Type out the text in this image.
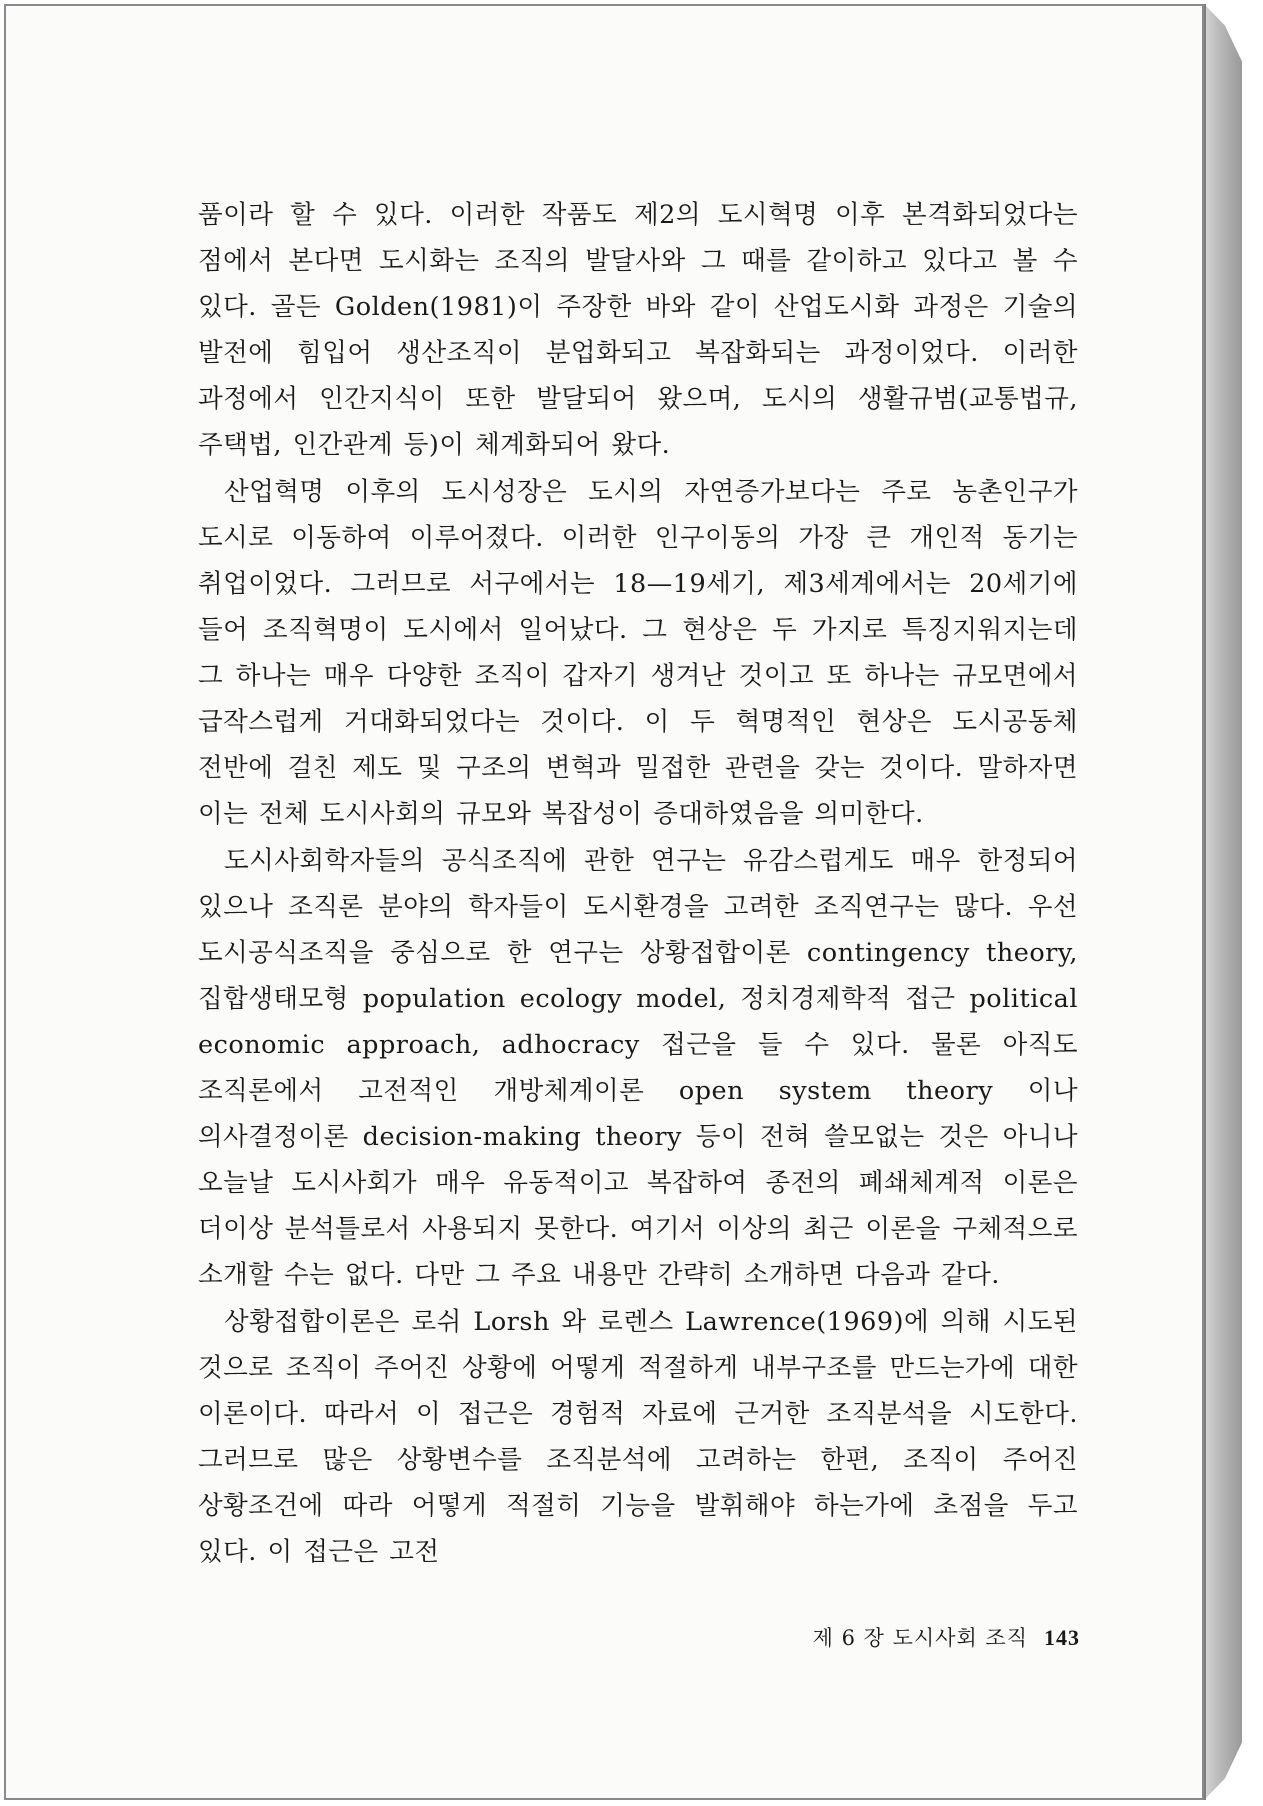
품이라 할 수 있다. 이러한 작품도 제2의 도시혁명 이후 본격화되었다는 점에서 본다면 도시화는 조직의 발달사와 그 때를 같이하고 있다고 볼 수 있다. 골든 Golden(1981)이 주장한 바와 같이 산업도시화 과정은 기술의 발전에 힘입어 생산조직이 분업화되고 복잡화되는 과정이었다. 이러한 과정에서 인간지식이 또한 발달되어 왔으며, 도시의 생활규범(교통법규, 주택법, 인간관계 등)이 체계화되어 왔다.

산업혁명 이후의 도시성장은 도시의 자연증가보다는 주로 농촌인구가 도시로 이동하여 이루어졌다. 이러한 인구이동의 가장 큰 개인적 동기는 취업이었다. 그러므로 서구에서는 18—19세기, 제3세계에서는 20세기에 들어 조직혁명이 도시에서 일어났다. 그 현상은 두 가지로 특징지워지는데 그 하나는 매우 다양한 조직이 갑자기 생겨난 것이고 또 하나는 규모면에서 급작스럽게 거대화되었다는 것이다. 이 두 혁명적인 현상은 도시공동체 전반에 걸친 제도 및 구조의 변혁과 밀접한 관련을 갖는 것이다. 말하자면 이는 전체 도시사회의 규모와 복잡성이 증대하였음을 의미한다.

도시사회학자들의 공식조직에 관한 연구는 유감스럽게도 매우 한정되어 있으나 조직론 분야의 학자들이 도시환경을 고려한 조직연구는 많다. 우선 도시공식조직을 중심으로 한 연구는 상황접합이론 contingency theory, 집합생태모형 population ecology model, 정치경제학적 접근 political economic approach, adhocracy 접근을 들 수 있다. 물론 아직도 조직론에서 고전적인 개방체계이론 open system theory 이나 의사결정이론 decision-making theory 등이 전혀 쓸모없는 것은 아니나 오늘날 도시사회가 매우 유동적이고 복잡하여 종전의 폐쇄체계적 이론은 더이상 분석틀로서 사용되지 못한다. 여기서 이상의 최근 이론을 구체적으로 소개할 수는 없다. 다만 그 주요 내용만 간략히 소개하면 다음과 같다.

상황접합이론은 로쉬 Lorsh 와 로렌스 Lawrence(1969)에 의해 시도된 것으로 조직이 주어진 상황에 어떻게 적절하게 내부구조를 만드는가에 대한 이론이다. 따라서 이 접근은 경험적 자료에 근거한 조직분석을 시도한다. 그러므로 많은 상황변수를 조직분석에 고려하는 한편, 조직이 주어진 상황조건에 따라 어떻게 적절히 기능을 발휘해야 하는가에 초점을 두고 있다. 이 접근은 고전

제 6 장 도시사회 조직 143
